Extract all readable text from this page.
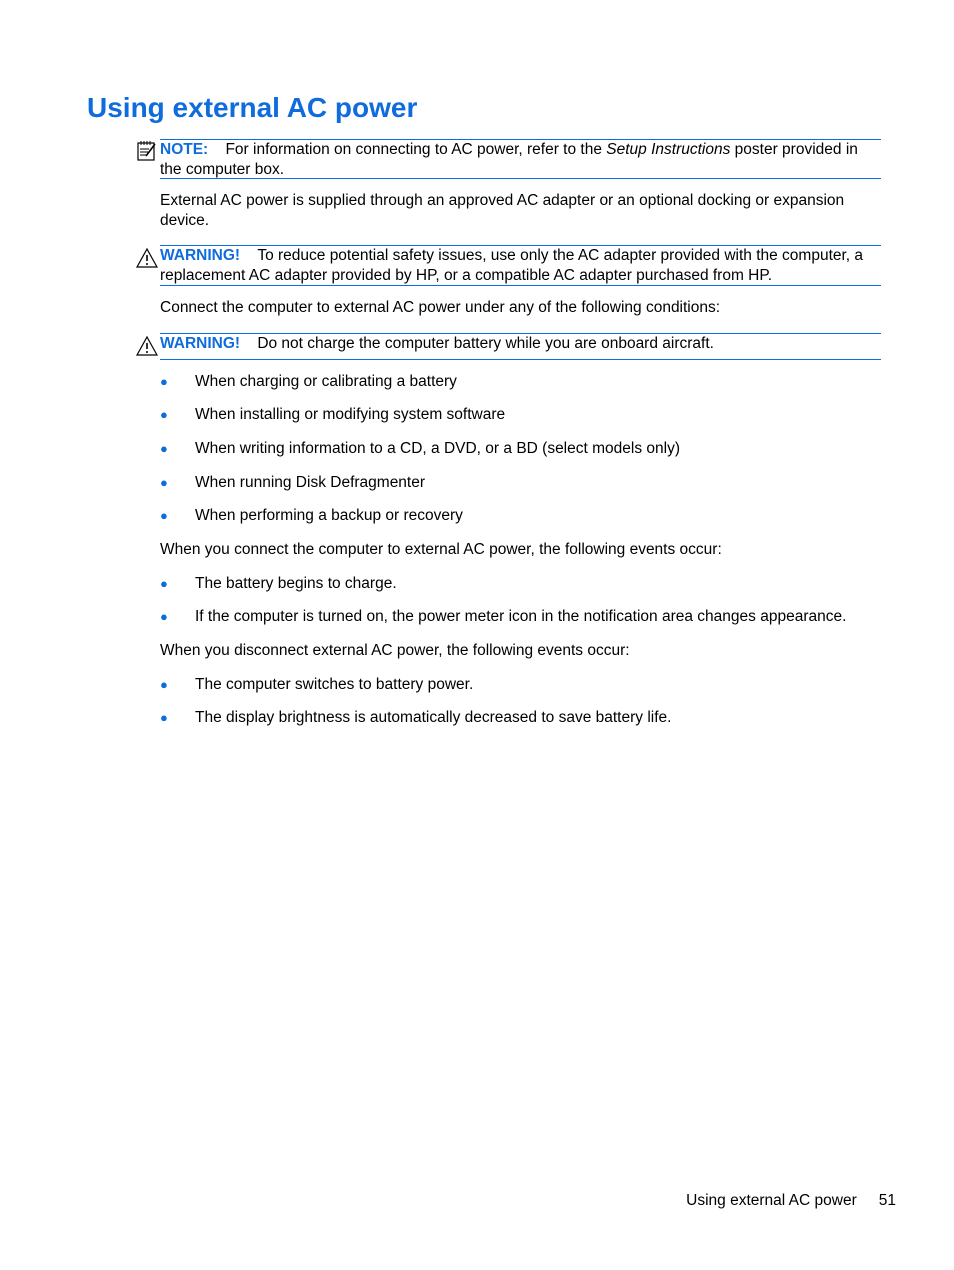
Using external AC power

NOTE: For information on connecting to AC power, refer to the Setup Instructions poster provided in the computer box.

External AC power is supplied through an approved AC adapter or an optional docking or expansion device.

WARNING! To reduce potential safety issues, use only the AC adapter provided with the computer, a replacement AC adapter provided by HP, or a compatible AC adapter purchased from HP.

Connect the computer to external AC power under any of the following conditions:

WARNING! Do not charge the computer battery while you are onboard aircraft.

● When charging or calibrating a battery
● When installing or modifying system software
● When writing information to a CD, a DVD, or a BD (select models only)
● When running Disk Defragmenter
● When performing a backup or recovery

When you connect the computer to external AC power, the following events occur:

● The battery begins to charge.
● If the computer is turned on, the power meter icon in the notification area changes appearance.

When you disconnect external AC power, the following events occur:

● The computer switches to battery power.
● The display brightness is automatically decreased to save battery life.
Using external AC power 51
